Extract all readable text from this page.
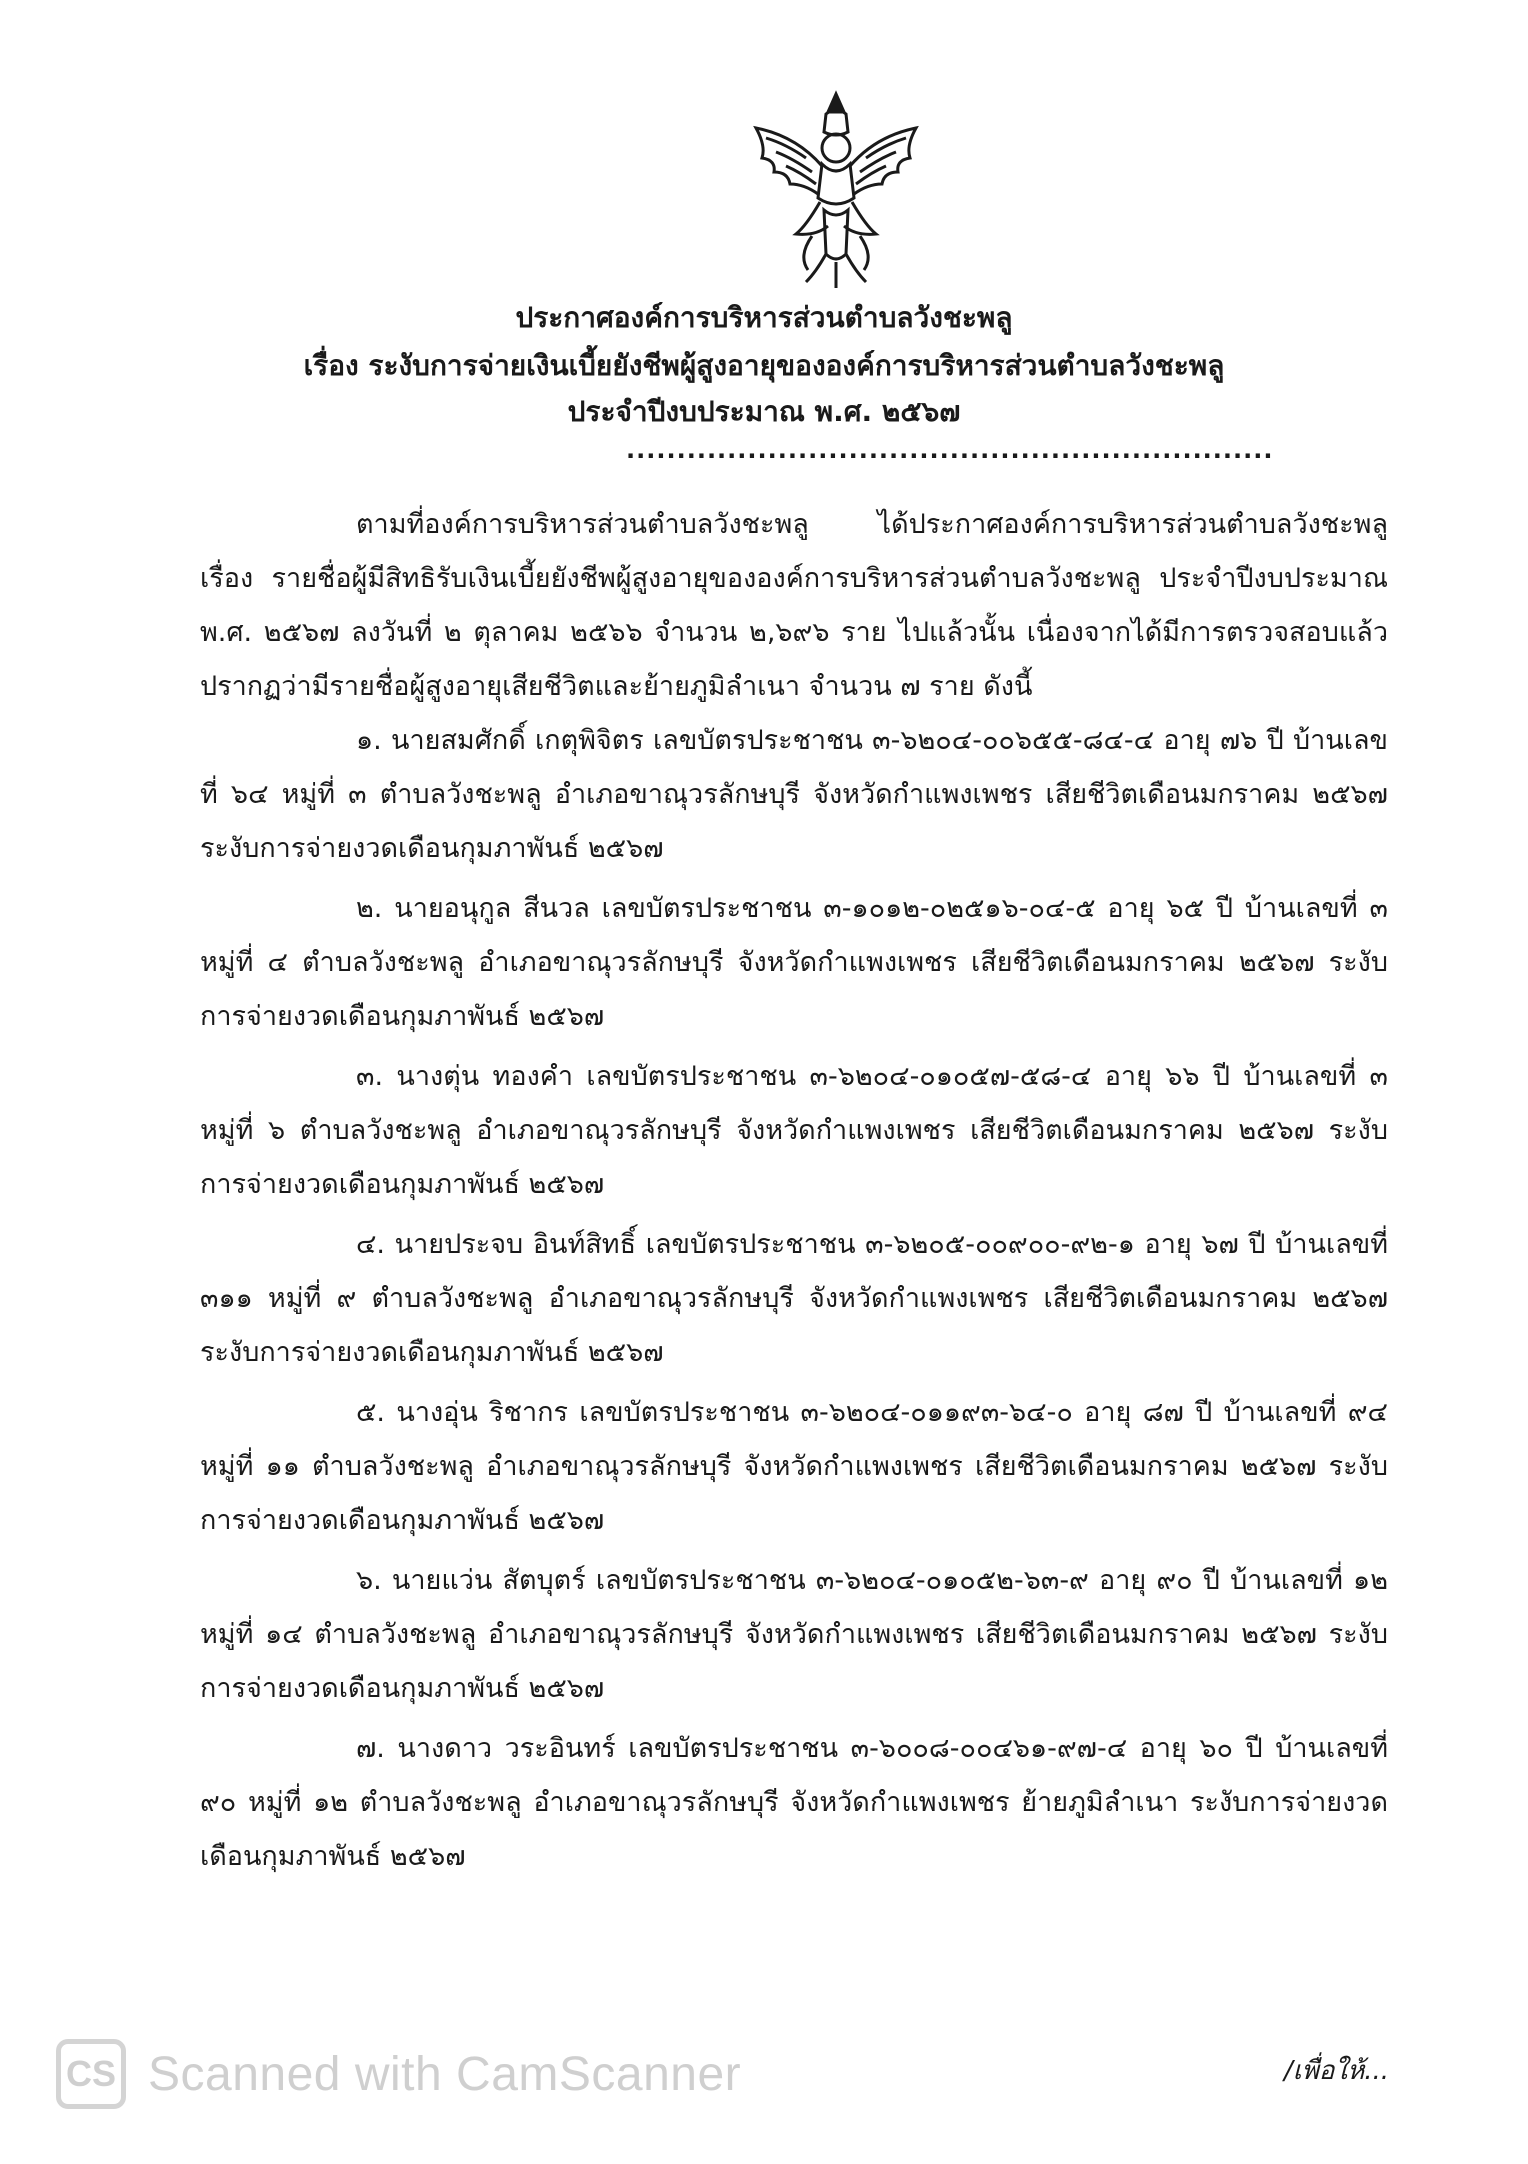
ประกาศองค์การบริหารส่วนตำบลวังชะพลู
เรื่อง ระงับการจ่ายเงินเบี้ยยังชีพผู้สูงอายุขององค์การบริหารส่วนตำบลวังชะพลู
ประจำปีงบประมาณ พ.ศ. ๒๕๖๗
................................................................

ตามที่องค์การบริหารส่วนตำบลวังชะพลู ได้ประกาศองค์การบริหารส่วนตำบลวังชะพลู เรื่อง รายชื่อผู้มีสิทธิรับเงินเบี้ยยังชีพผู้สูงอายุขององค์การบริหารส่วนตำบลวังชะพลู ประจำปีงบประมาณ พ.ศ. ๒๕๖๗ ลงวันที่ ๒ ตุลาคม ๒๕๖๖ จำนวน ๒,๖๙๖ ราย ไปแล้วนั้น เนื่องจากได้มีการตรวจสอบแล้วปรากฏว่ามีรายชื่อผู้สูงอายุเสียชีวิตและย้ายภูมิลำเนา จำนวน ๗ ราย ดังนี้

๑. นายสมศักดิ์ เกตุพิจิตร เลขบัตรประชาชน ๓-๖๒๐๔-๐๐๖๕๕-๘๔-๔ อายุ ๗๖ ปี บ้านเลขที่ ๖๔ หมู่ที่ ๓ ตำบลวังชะพลู อำเภอขาณุวรลักษบุรี จังหวัดกำแพงเพชร เสียชีวิตเดือนมกราคม ๒๕๖๗ ระงับการจ่ายงวดเดือนกุมภาพันธ์ ๒๕๖๗

๒. นายอนุกูล สีนวล เลขบัตรประชาชน ๓-๑๐๑๒-๐๒๕๑๖-๐๔-๕ อายุ ๖๕ ปี บ้านเลขที่ ๓ หมู่ที่ ๔ ตำบลวังชะพลู อำเภอขาณุวรลักษบุรี จังหวัดกำแพงเพชร เสียชีวิตเดือนมกราคม ๒๕๖๗ ระงับการจ่ายงวดเดือนกุมภาพันธ์ ๒๕๖๗

๓. นางตุ่น ทองคำ เลขบัตรประชาชน ๓-๖๒๐๔-๐๑๐๕๗-๕๘-๔ อายุ ๖๖ ปี บ้านเลขที่ ๓ หมู่ที่ ๖ ตำบลวังชะพลู อำเภอขาณุวรลักษบุรี จังหวัดกำแพงเพชร เสียชีวิตเดือนมกราคม ๒๕๖๗ ระงับการจ่ายงวดเดือนกุมภาพันธ์ ๒๕๖๗

๔. นายประจบ อินท์สิทธิ์ เลขบัตรประชาชน ๓-๖๒๐๕-๐๐๙๐๐-๙๒-๑ อายุ ๖๗ ปี บ้านเลขที่ ๓๑๑ หมู่ที่ ๙ ตำบลวังชะพลู อำเภอขาณุวรลักษบุรี จังหวัดกำแพงเพชร เสียชีวิตเดือนมกราคม ๒๕๖๗ ระงับการจ่ายงวดเดือนกุมภาพันธ์ ๒๕๖๗

๕. นางอุ่น ริชากร เลขบัตรประชาชน ๓-๖๒๐๔-๐๑๑๙๓-๖๔-๐ อายุ ๘๗ ปี บ้านเลขที่ ๙๔ หมู่ที่ ๑๑ ตำบลวังชะพลู อำเภอขาณุวรลักษบุรี จังหวัดกำแพงเพชร เสียชีวิตเดือนมกราคม ๒๕๖๗ ระงับการจ่ายงวดเดือนกุมภาพันธ์ ๒๕๖๗

๖. นายแว่น สัตบุตร์ เลขบัตรประชาชน ๓-๖๒๐๔-๐๑๐๕๒-๖๓-๙ อายุ ๙๐ ปี บ้านเลขที่ ๑๒ หมู่ที่ ๑๔ ตำบลวังชะพลู อำเภอขาณุวรลักษบุรี จังหวัดกำแพงเพชร เสียชีวิตเดือนมกราคม ๒๕๖๗ ระงับการจ่ายงวดเดือนกุมภาพันธ์ ๒๕๖๗

๗. นางดาว วระอินทร์ เลขบัตรประชาชน ๓-๖๐๐๘-๐๐๔๖๑-๙๗-๔ อายุ ๖๐ ปี บ้านเลขที่ ๙๐ หมู่ที่ ๑๒ ตำบลวังชะพลู อำเภอขาณุวรลักษบุรี จังหวัดกำแพงเพชร ย้ายภูมิลำเนา ระงับการจ่ายงวดเดือนกุมภาพันธ์ ๒๕๖๗

/เพื่อให้...
CS Scanned with CamScanner
